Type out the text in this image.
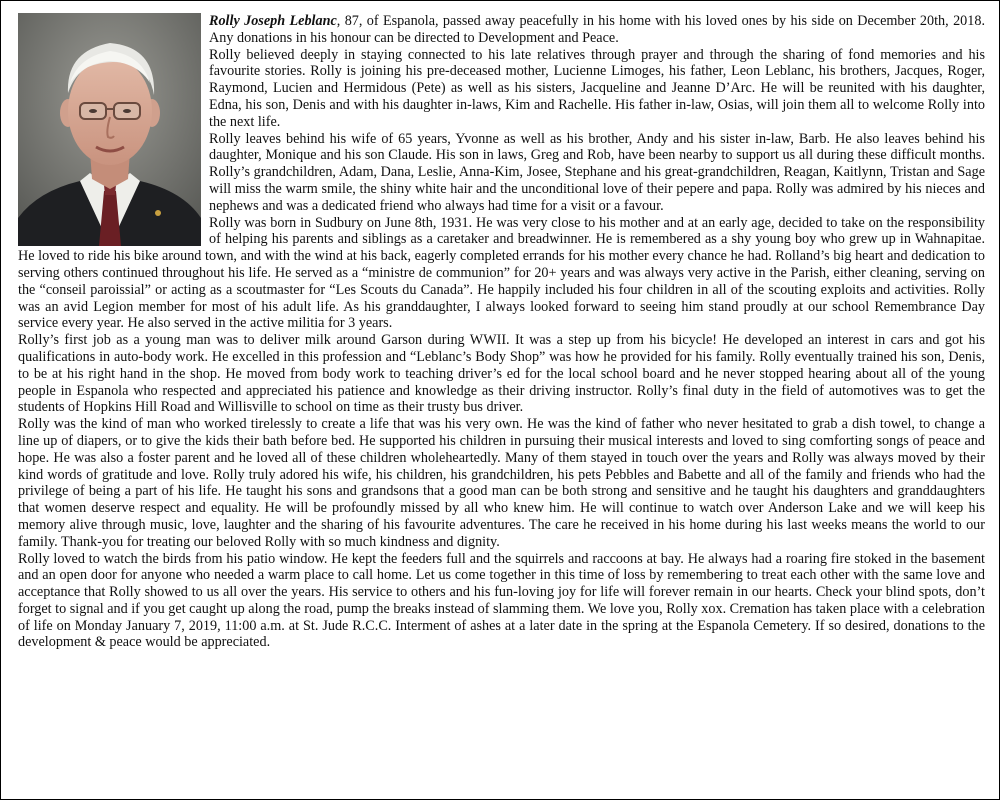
Rolly Joseph Leblanc, 87, of Espanola, passed away peacefully in his home with his loved ones by his side on December 20th, 2018. Any donations in his honour can be directed to Development and Peace.

Rolly believed deeply in staying connected to his late relatives through prayer and through the sharing of fond memories and his favourite stories. Rolly is joining his pre-deceased mother, Lucienne Limoges, his father, Leon Leblanc, his brothers, Jacques, Roger, Raymond, Lucien and Hermidous (Pete) as well as his sisters, Jacqueline and Jeanne D’Arc. He will be reunited with his daughter, Edna, his son, Denis and with his daughter in-laws, Kim and Rachelle. His father in-law, Osias, will join them all to welcome Rolly into the next life.

Rolly leaves behind his wife of 65 years, Yvonne as well as his brother, Andy and his sister in-law, Barb. He also leaves behind his daughter, Monique and his son Claude. His son in laws, Greg and Rob, have been nearby to support us all during these difficult months. Rolly’s grandchildren, Adam, Dana, Leslie, Anna-Kim, Josee, Stephane and his great-grandchildren, Reagan, Kaitlynn, Tristan and Sage will miss the warm smile, the shiny white hair and the unconditional love of their pepere and papa. Rolly was admired by his nieces and nephews and was a dedicated friend who always had time for a visit or a favour.

Rolly was born in Sudbury on June 8th, 1931. He was very close to his mother and at an early age, decided to take on the responsibility of helping his parents and siblings as a caretaker and breadwinner. He is remembered as a shy young boy who grew up in Wahnapitae. He loved to ride his bike around town, and with the wind at his back, eagerly completed errands for his mother every chance he had. Rolland’s big heart and dedication to serving others continued throughout his life. He served as a “ministre de communion” for 20+ years and was always very active in the Parish, either cleaning, serving on the “conseil paroissial” or acting as a scoutmaster for “Les Scouts du Canada”. He happily included his four children in all of the scouting exploits and activities. Rolly was an avid Legion member for most of his adult life. As his granddaughter, I always looked forward to seeing him stand proudly at our school Remembrance Day service every year. He also served in the active militia for 3 years.

Rolly’s first job as a young man was to deliver milk around Garson during WWII. It was a step up from his bicycle! He developed an interest in cars and got his qualifications in auto-body work. He excelled in this profession and “Leblanc’s Body Shop” was how he provided for his family. Rolly eventually trained his son, Denis, to be at his right hand in the shop. He moved from body work to teaching driver’s ed for the local school board and he never stopped hearing about all of the young people in Espanola who respected and appreciated his patience and knowledge as their driving instructor. Rolly’s final duty in the field of automotives was to get the students of Hopkins Hill Road and Willisville to school on time as their trusty bus driver.

Rolly was the kind of man who worked tirelessly to create a life that was his very own. He was the kind of father who never hesitated to grab a dish towel, to change a line up of diapers, or to give the kids their bath before bed. He supported his children in pursuing their musical interests and loved to sing comforting songs of peace and hope. He was also a foster parent and he loved all of these children wholeheartedly. Many of them stayed in touch over the years and Rolly was always moved by their kind words of gratitude and love. Rolly truly adored his wife, his children, his grandchildren, his pets Pebbles and Babette and all of the family and friends who had the privilege of being a part of his life. He taught his sons and grandsons that a good man can be both strong and sensitive and he taught his daughters and granddaughters that women deserve respect and equality. He will be profoundly missed by all who knew him. He will continue to watch over Anderson Lake and we will keep his memory alive through music, love, laughter and the sharing of his favourite adventures. The care he received in his home during his last weeks means the world to our family. Thank-you for treating our beloved Rolly with so much kindness and dignity.

Rolly loved to watch the birds from his patio window. He kept the feeders full and the squirrels and raccoons at bay. He always had a roaring fire stoked in the basement and an open door for anyone who needed a warm place to call home. Let us come together in this time of loss by remembering to treat each other with the same love and acceptance that Rolly showed to us all over the years. His service to others and his fun-loving joy for life will forever remain in our hearts. Check your blind spots, don’t forget to signal and if you get caught up along the road, pump the breaks instead of slamming them. We love you, Rolly xox. Cremation has taken place with a celebration of life on Monday January 7, 2019, 11:00 a.m. at St. Jude R.C.C. Interment of ashes at a later date in the spring at the Espanola Cemetery. If so desired, donations to the development & peace would be appreciated.
